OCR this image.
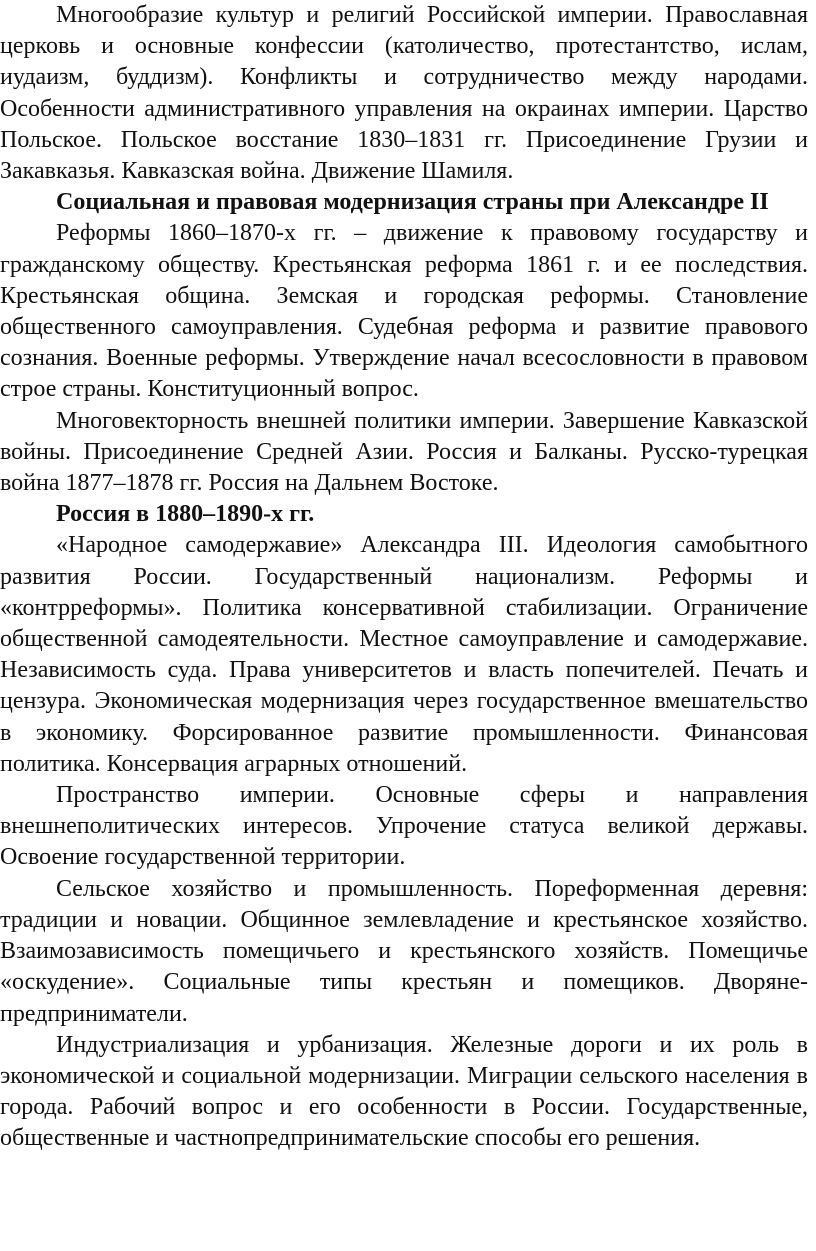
Многообразие культур и религий Российской империи. Православная церковь и основные конфессии (католичество, протестантство, ислам, иудаизм, буддизм). Конфликты и сотрудничество между народами. Особенности административного управления на окраинах империи. Царство Польское. Польское восстание 1830–1831 гг. Присоединение Грузии и Закавказья. Кавказская война. Движение Шамиля.

Социальная и правовая модернизация страны при Александре II

Реформы 1860–1870-х гг. – движение к правовому государству и гражданскому обществу. Крестьянская реформа 1861 г. и ее последствия. Крестьянская община. Земская и городская реформы. Становление общественного самоуправления. Судебная реформа и развитие правового сознания. Военные реформы. Утверждение начал всесословности в правовом строе страны. Конституционный вопрос.

Многовекторность внешней политики империи. Завершение Кавказской войны. Присоединение Средней Азии. Россия и Балканы. Русско-турецкая война 1877–1878 гг. Россия на Дальнем Востоке.

Россия в 1880–1890-х гг.

«Народное самодержавие» Александра III. Идеология самобытного развития России. Государственный национализм. Реформы и «контрреформы». Политика консервативной стабилизации. Ограничение общественной самодеятельности. Местное самоуправление и самодержавие. Независимость суда. Права университетов и власть попечителей. Печать и цензура. Экономическая модернизация через государственное вмешательство в экономику. Форсированное развитие промышленности. Финансовая политика. Консервация аграрных отношений.

Пространство империи. Основные сферы и направления внешнеполитических интересов. Упрочение статуса великой державы. Освоение государственной территории.

Сельское хозяйство и промышленность. Пореформенная деревня: традиции и новации. Общинное землевладение и крестьянское хозяйство. Взаимозависимость помещичьего и крестьянского хозяйств. Помещичье «оскудение». Социальные типы крестьян и помещиков. Дворяне-предприниматели.

Индустриализация и урбанизация. Железные дороги и их роль в экономической и социальной модернизации. Миграции сельского населения в города. Рабочий вопрос и его особенности в России. Государственные, общественные и частнопредпринимательские способы его решения.
